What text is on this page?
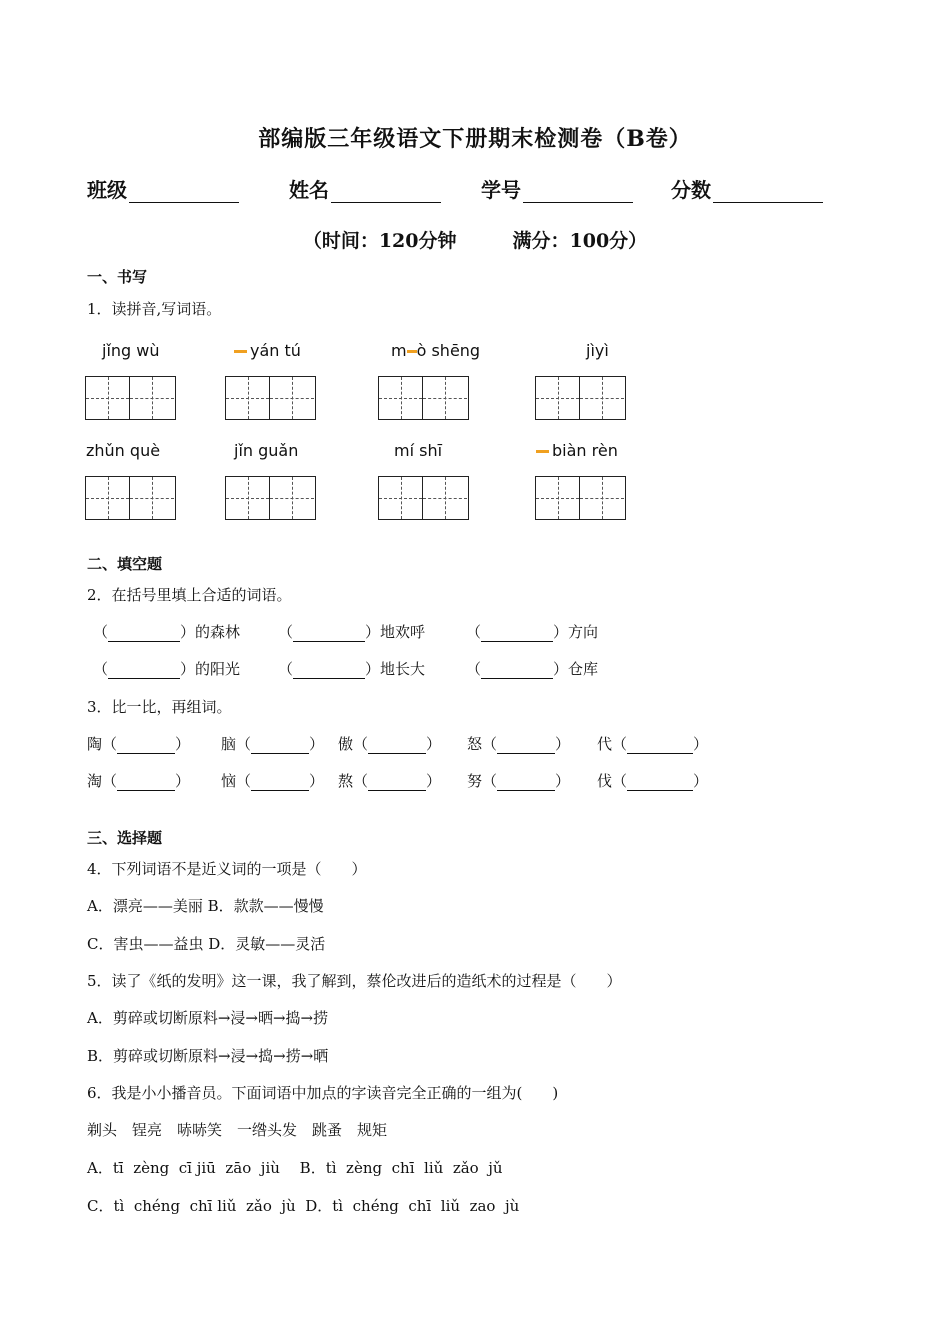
部编版三年级语文下册期末检测卷（B卷）
班级	姓名	学号	分数
（时间：120分钟	满分：100分）
一、书写
1．读拼音,写词语。
jǐng wù	yán tú	m ò shēng	jìyì
zhǔn què	jǐn guǎn	mí shī	biàn rèn
二、填空题
2．在括号里填上合适的词语。
（	）的森林	（	）地欢呼	（	）方向
（	）的阳光	（	）地长大	（	）仓库
3．比一比，再组词。
陶（	） 脑（	） 傲（	） 怒（	） 代（	）
淘（	） 恼（	） 熬（	） 努（	） 伐（	）
三、选择题
4．下列词语不是近义词的一项是（　　）
A．漂亮——美丽 B．款款——慢慢
C．害虫——益虫 D．灵敏——灵活
5．读了《纸的发明》这一课，我了解到，蔡伦改进后的造纸术的过程是（　　）
A．剪碎或切断原料→浸→晒→捣→捞
B．剪碎或切断原料→浸→捣→捞→晒
6．我是小小播音员。下面词语中加点的字读音完全正确的一组为(　　)
剃头　锃亮　哧哧笑　一绺头发　跳蚤　规矩
A．tī  zèng  cī jiū  zāo  jiù　 B．tì  zèng  chī  liǔ  zǎo  jǔ
C．tì  chéng  chī liǔ  zǎo  jù  D．tì  chéng  chī  liǔ  zao  jù
